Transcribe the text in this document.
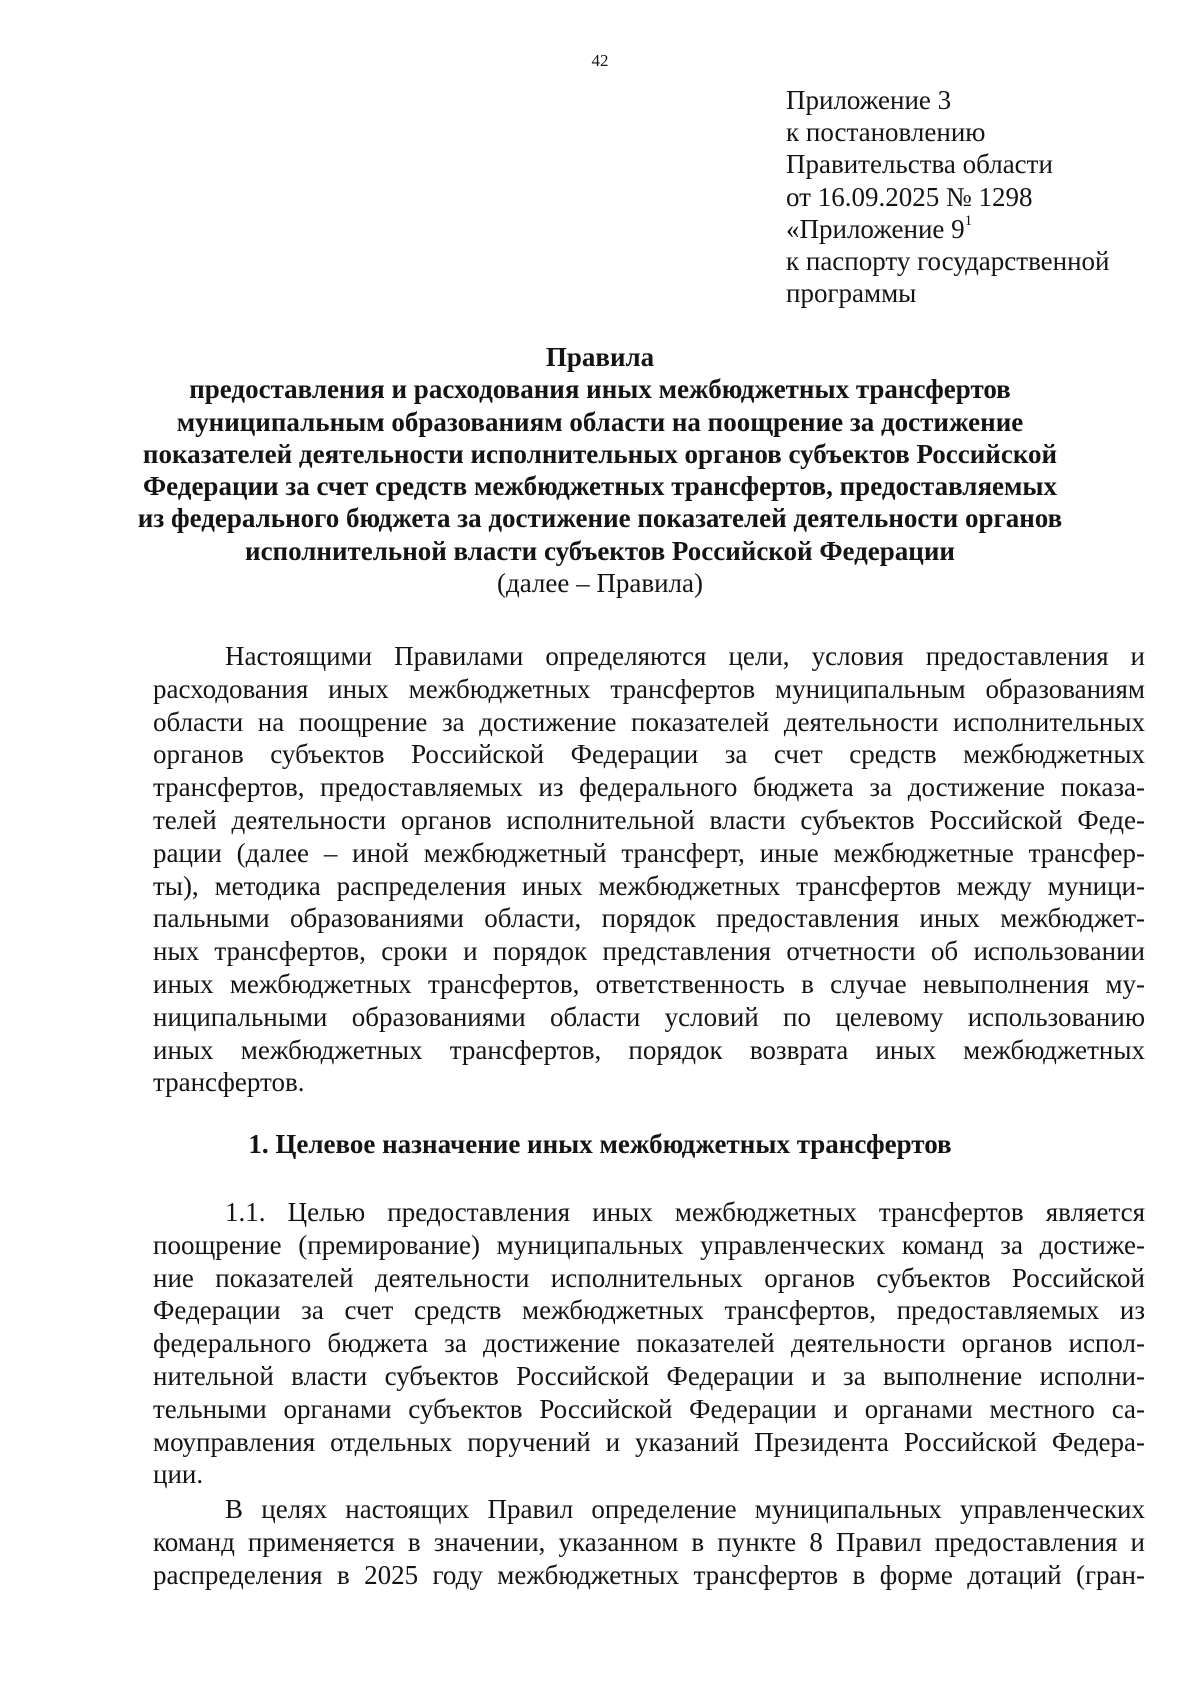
42
Приложение 3
к постановлению
Правительства области
от 16.09.2025 № 1298
«Приложение $9^1$
к паспорту государственной
программы
Правила
предоставления и расходования иных межбюджетных трансфертов
муниципальным образованиям области на поощрение за достижение
показателей деятельности исполнительных органов субъектов Российской
Федерации за счет средств межбюджетных трансфертов, предоставляемых
из федерального бюджета за достижение показателей деятельности органов
исполнительной власти субъектов Российской Федерации
(далее – Правила)
Настоящими Правилами определяются цели, условия предоставления и
расходования иных межбюджетных трансфертов муниципальным образованиям
области на поощрение за достижение показателей деятельности исполнительных
органов субъектов Российской Федерации за счет средств межбюджетных
трансфертов, предоставляемых из федерального бюджета за достижение показа-
телей деятельности органов исполнительной власти субъектов Российской Феде-
рации (далее – иной межбюджетный трансферт, иные межбюджетные трансфер-
ты), методика распределения иных межбюджетных трансфертов между муници-
пальными образованиями области, порядок предоставления иных межбюджет-
ных трансфертов, сроки и порядок представления отчетности об использовании
иных межбюджетных трансфертов, ответственность в случае невыполнения му-
ниципальными образованиями области условий по целевому использованию
иных межбюджетных трансфертов, порядок возврата иных межбюджетных
трансфертов.
1. Целевое назначение иных межбюджетных трансфертов
1.1. Целью предоставления иных межбюджетных трансфертов является
поощрение (премирование) муниципальных управленческих команд за достиже-
ние показателей деятельности исполнительных органов субъектов Российской
Федерации за счет средств межбюджетных трансфертов, предоставляемых из
федерального бюджета за достижение показателей деятельности органов испол-
нительной власти субъектов Российской Федерации и за выполнение исполни-
тельными органами субъектов Российской Федерации и органами местного са-
моуправления отдельных поручений и указаний Президента Российской Федера-
ции.
В целях настоящих Правил определение муниципальных управленческих
команд применяется в значении, указанном в пункте 8 Правил предоставления и
распределения в 2025 году межбюджетных трансфертов в форме дотаций (гран-
